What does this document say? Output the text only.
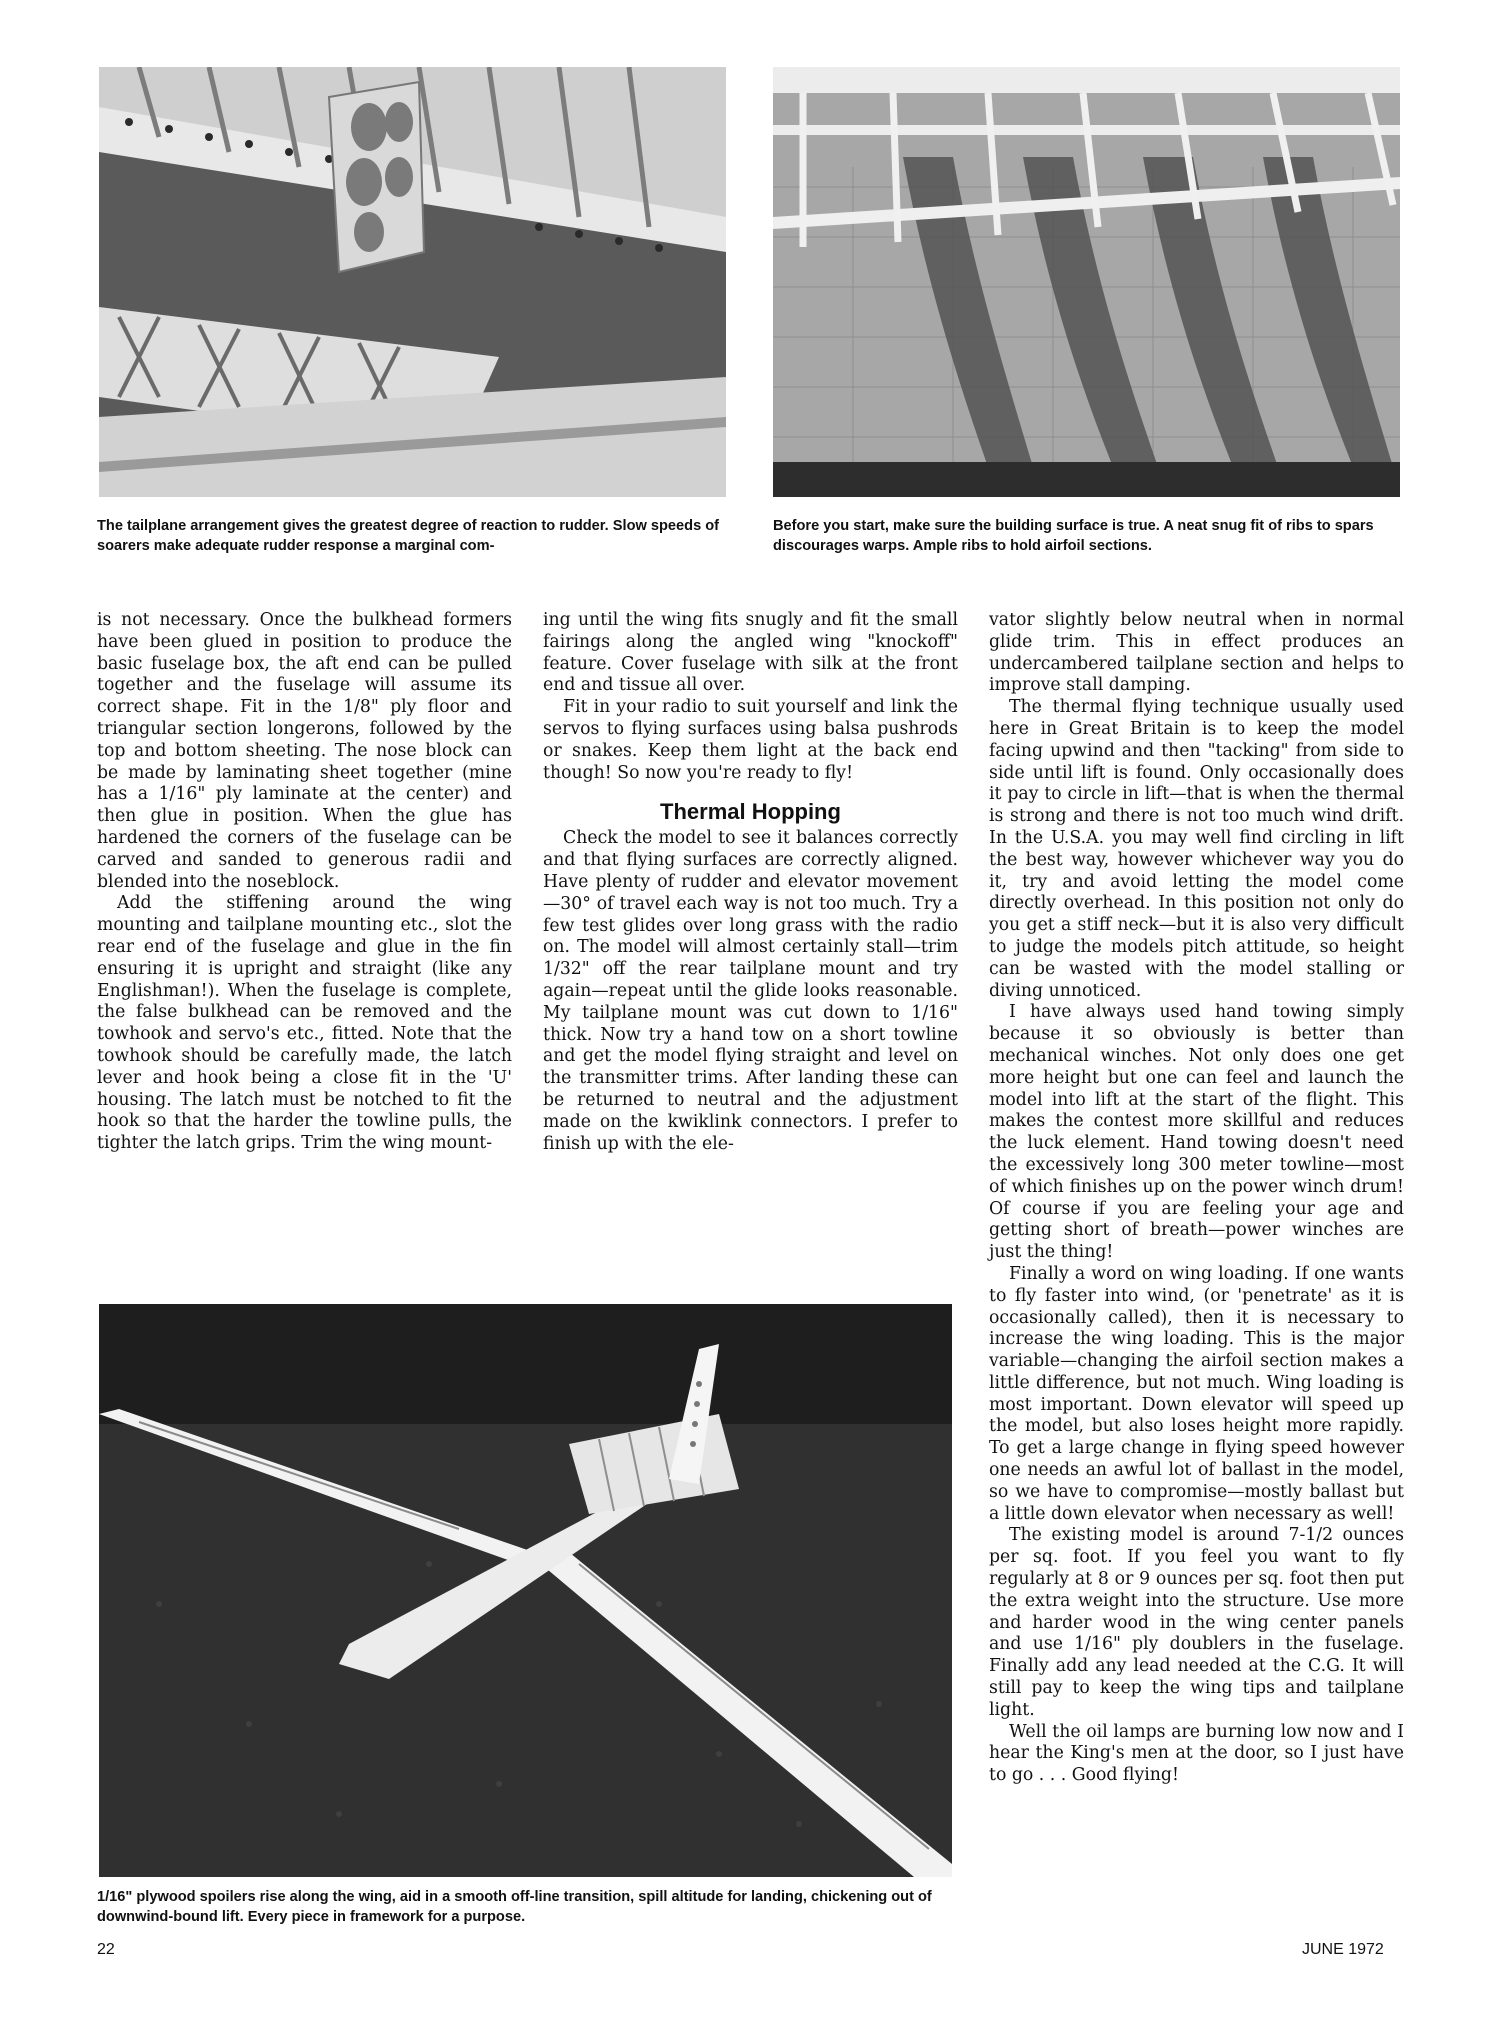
The tailplane arrangement gives the greatest degree of reaction to rudder. Slow speeds of soarers make adequate rudder response a marginal com-
Before you start, make sure the building surface is true. A neat snug fit of ribs to spars discourages warps. Ample ribs to hold airfoil sections.

is not necessary. Once the bulkhead formers have been glued in position to produce the basic fuselage box, the aft end can be pulled together and the fuselage will assume its correct shape. Fit in the 1/8" ply floor and triangular section longerons, followed by the top and bottom sheeting. The nose block can be made by laminating sheet together (mine has a 1/16" ply laminate at the center) and then glue in position. When the glue has hardened the corners of the fuselage can be carved and sanded to generous radii and blended into the noseblock.

Add the stiffening around the wing mounting and tailplane mounting etc., slot the rear end of the fuselage and glue in the fin ensuring it is upright and straight (like any Englishman!). When the fuselage is complete, the false bulkhead can be removed and the towhook and servo's etc., fitted. Note that the towhook should be carefully made, the latch lever and hook being a close fit in the 'U' housing. The latch must be notched to fit the hook so that the harder the towline pulls, the tighter the latch grips. Trim the wing mount-

ing until the wing fits snugly and fit the small fairings along the angled wing "knockoff" feature. Cover fuselage with silk at the front end and tissue all over.

Fit in your radio to suit yourself and link the servos to flying surfaces using balsa pushrods or snakes. Keep them light at the back end though! So now you're ready to fly!

Thermal Hopping

Check the model to see it balances correctly and that flying surfaces are correctly aligned. Have plenty of rudder and elevator movement—30° of travel each way is not too much. Try a few test glides over long grass with the radio on. The model will almost certainly stall—trim 1/32" off the rear tailplane mount and try again—repeat until the glide looks reasonable. My tailplane mount was cut down to 1/16" thick. Now try a hand tow on a short towline and get the model flying straight and level on the transmitter trims. After landing these can be returned to neutral and the adjustment made on the kwiklink connectors. I prefer to finish up with the ele-

vator slightly below neutral when in normal glide trim. This in effect produces an undercambered tailplane section and helps to improve stall damping.

The thermal flying technique usually used here in Great Britain is to keep the model facing upwind and then "tacking" from side to side until lift is found. Only occasionally does it pay to circle in lift—that is when the thermal is strong and there is not too much wind drift. In the U.S.A. you may well find circling in lift the best way, however whichever way you do it, try and avoid letting the model come directly overhead. In this position not only do you get a stiff neck—but it is also very difficult to judge the models pitch attitude, so height can be wasted with the model stalling or diving unnoticed.

I have always used hand towing simply because it so obviously is better than mechanical winches. Not only does one get more height but one can feel and launch the model into lift at the start of the flight. This makes the contest more skillful and reduces the luck element. Hand towing doesn't need the excessively long 300 meter towline—most of which finishes up on the power winch drum! Of course if you are feeling your age and getting short of breath—power winches are just the thing!

Finally a word on wing loading. If one wants to fly faster into wind, (or 'penetrate' as it is occasionally called), then it is necessary to increase the wing loading. This is the major variable—changing the airfoil section makes a little difference, but not much. Wing loading is most important. Down elevator will speed up the model, but also loses height more rapidly. To get a large change in flying speed however one needs an awful lot of ballast in the model, so we have to compromise—mostly ballast but a little down elevator when necessary as well!

The existing model is around 7-1/2 ounces per sq. foot. If you feel you want to fly regularly at 8 or 9 ounces per sq. foot then put the extra weight into the structure. Use more and harder wood in the wing center panels and use 1/16" ply doublers in the fuselage. Finally add any lead needed at the C.G. It will still pay to keep the wing tips and tailplane light.

Well the oil lamps are burning low now and I hear the King's men at the door, so I just have to go . . . Good flying!

1/16" plywood spoilers rise along the wing, aid in a smooth off-line transition, spill altitude for landing, chickening out of downwind-bound lift. Every piece in framework for a purpose.
22	JUNE 1972
